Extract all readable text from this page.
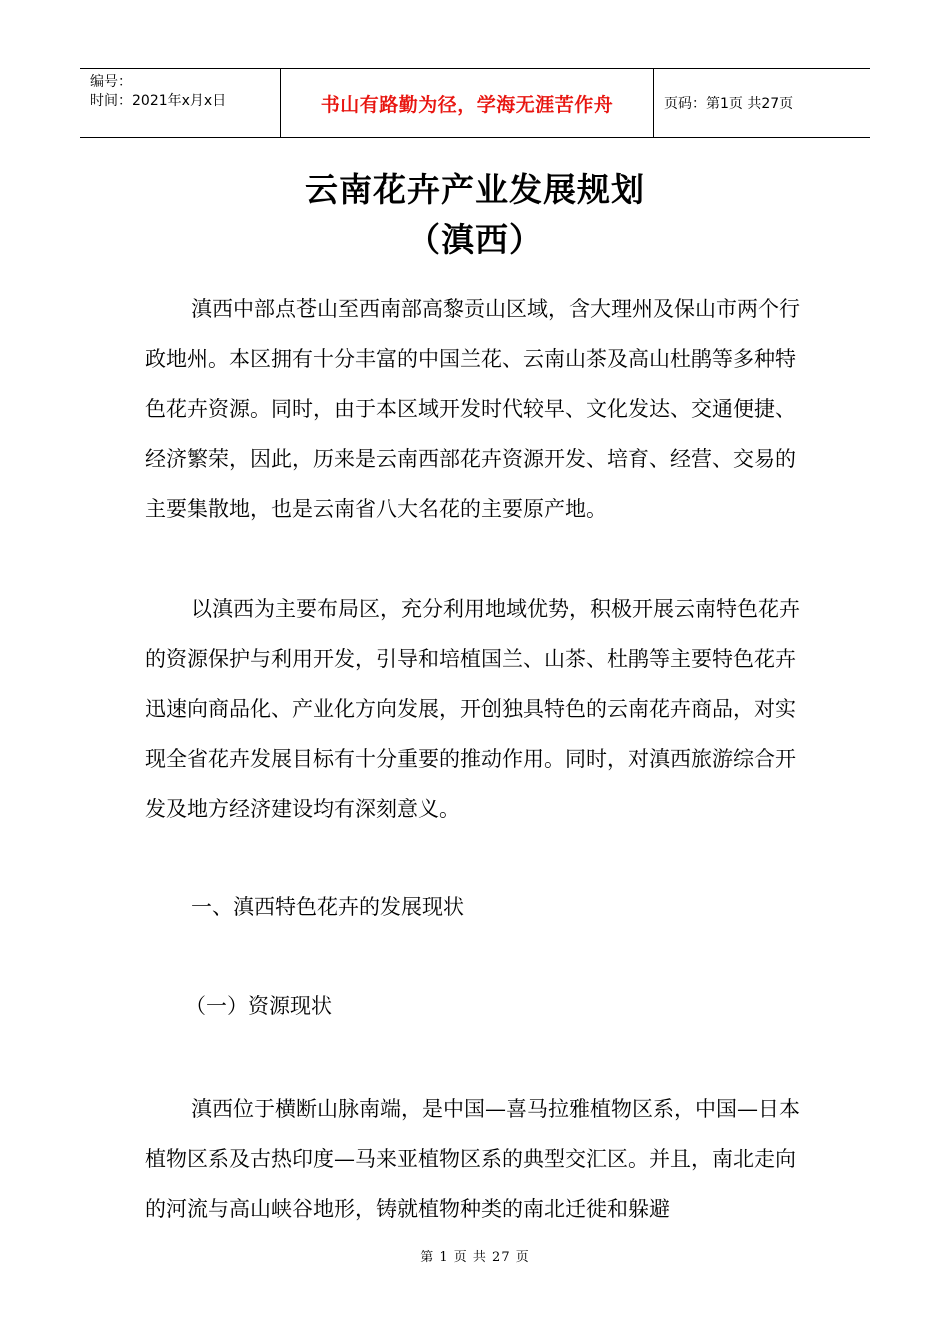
编号：
时间：2021年x月x日	书山有路勤为径，学海无涯苦作舟	页码：第1页 共27页
云南花卉产业发展规划
（滇西）

滇西中部点苍山至西南部高黎贡山区域，含大理州及保山市两个行政地州。本区拥有十分丰富的中国兰花、云南山茶及高山杜鹃等多种特色花卉资源。同时，由于本区域开发时代较早、文化发达、交通便捷、经济繁荣，因此，历来是云南西部花卉资源开发、培育、经营、交易的主要集散地，也是云南省八大名花的主要原产地。

以滇西为主要布局区，充分利用地域优势，积极开展云南特色花卉的资源保护与利用开发，引导和培植国兰、山茶、杜鹃等主要特色花卉迅速向商品化、产业化方向发展，开创独具特色的云南花卉商品，对实现全省花卉发展目标有十分重要的推动作用。同时，对滇西旅游综合开发及地方经济建设均有深刻意义。

一、滇西特色花卉的发展现状

（一）资源现状

滇西位于横断山脉南端，是中国—喜马拉雅植物区系，中国—日本植物区系及古热印度—马来亚植物区系的典型交汇区。并且，南北走向的河流与高山峡谷地形，铸就植物种类的南北迁徙和躲避

第 1 页 共 27 页
